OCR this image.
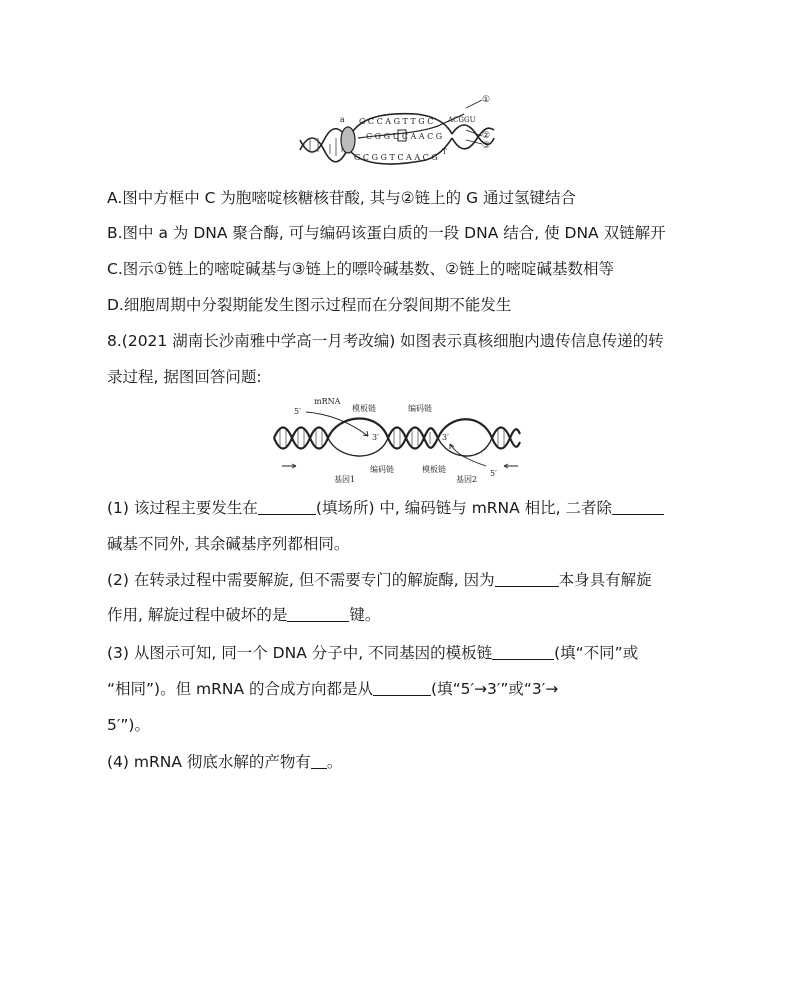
G C C A G T T G C
C G G U C A A C G
G C G G T C A A C G
ACGGU
a
T
①
②
③
A.图中方框中 C 为胞嘧啶核糖核苷酸, 其与②链上的 G 通过氢键结合
B.图中 a 为 DNA 聚合酶, 可与编码该蛋白质的一段 DNA 结合, 使 DNA 双链解开
C.图示①链上的嘧啶碱基与③链上的嘌呤碱基数、②链上的嘧啶碱基数相等
D.细胞周期中分裂期能发生图示过程而在分裂间期不能发生
8.(2021 湖南长沙南雅中学高一月考改编) 如图表示真核细胞内遗传信息传递的转
录过程, 据图回答问题:
mRNA
模板链	编码链
编码链	模板链
基因1	基因2
5′
3′	3′
5′
(1) 该过程主要发生在	(填场所) 中, 编码链与 mRNA 相比, 二者除
碱基不同外, 其余碱基序列都相同。
(2) 在转录过程中需要解旋, 但不需要专门的解旋酶, 因为	本身具有解旋
作用, 解旋过程中破坏的是	键。
(3) 从图示可知, 同一个 DNA 分子中, 不同基因的模板链	(填“不同”或
“相同”)。但 mRNA 的合成方向都是从	(填“5′→3′”或“3′→
5′”)。
(4) mRNA 彻底水解的产物有 。
